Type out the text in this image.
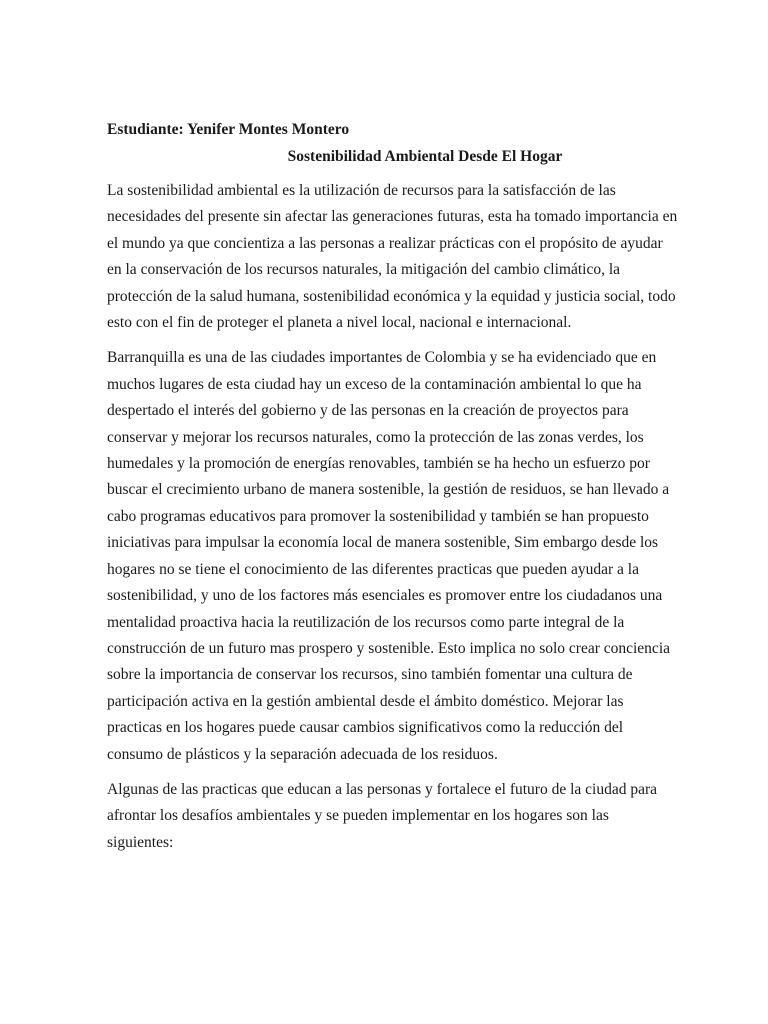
Estudiante: Yenifer Montes Montero

Sostenibilidad Ambiental Desde El Hogar

La sostenibilidad ambiental es la utilización de recursos para la satisfacción de las
necesidades del presente sin afectar las generaciones futuras, esta ha tomado importancia en
el mundo ya que concientiza a las personas a realizar prácticas con el propósito de ayudar
en la conservación de los recursos naturales, la mitigación del cambio climático, la
protección de la salud humana, sostenibilidad económica y la equidad y justicia social, todo
esto con el fin de proteger el planeta a nivel local, nacional e internacional.

Barranquilla es una de las ciudades importantes de Colombia y se ha evidenciado que en
muchos lugares de esta ciudad hay un exceso de la contaminación ambiental lo que ha
despertado el interés del gobierno y de las personas en la creación de proyectos para
conservar y mejorar los recursos naturales, como la protección de las zonas verdes, los
humedales y la promoción de energías renovables, también se ha hecho un esfuerzo por
buscar el crecimiento urbano de manera sostenible, la gestión de residuos, se han llevado a
cabo programas educativos para promover la sostenibilidad y también se han propuesto
iniciativas para impulsar la economía local de manera sostenible, Sim embargo desde los
hogares no se tiene el conocimiento de las diferentes practicas que pueden ayudar a la
sostenibilidad, y uno de los factores más esenciales es promover entre los ciudadanos una
mentalidad proactiva hacia la reutilización de los recursos como parte integral de la
construcción de un futuro mas prospero y sostenible. Esto implica no solo crear conciencia
sobre la importancia de conservar los recursos, sino también fomentar una cultura de
participación activa en la gestión ambiental desde el ámbito doméstico. Mejorar las
practicas en los hogares puede causar cambios significativos como la reducción del
consumo de plásticos y la separación adecuada de los residuos.

Algunas de las practicas que educan a las personas y fortalece el futuro de la ciudad para
afrontar los desafíos ambientales y se pueden implementar en los hogares son las
siguientes:
